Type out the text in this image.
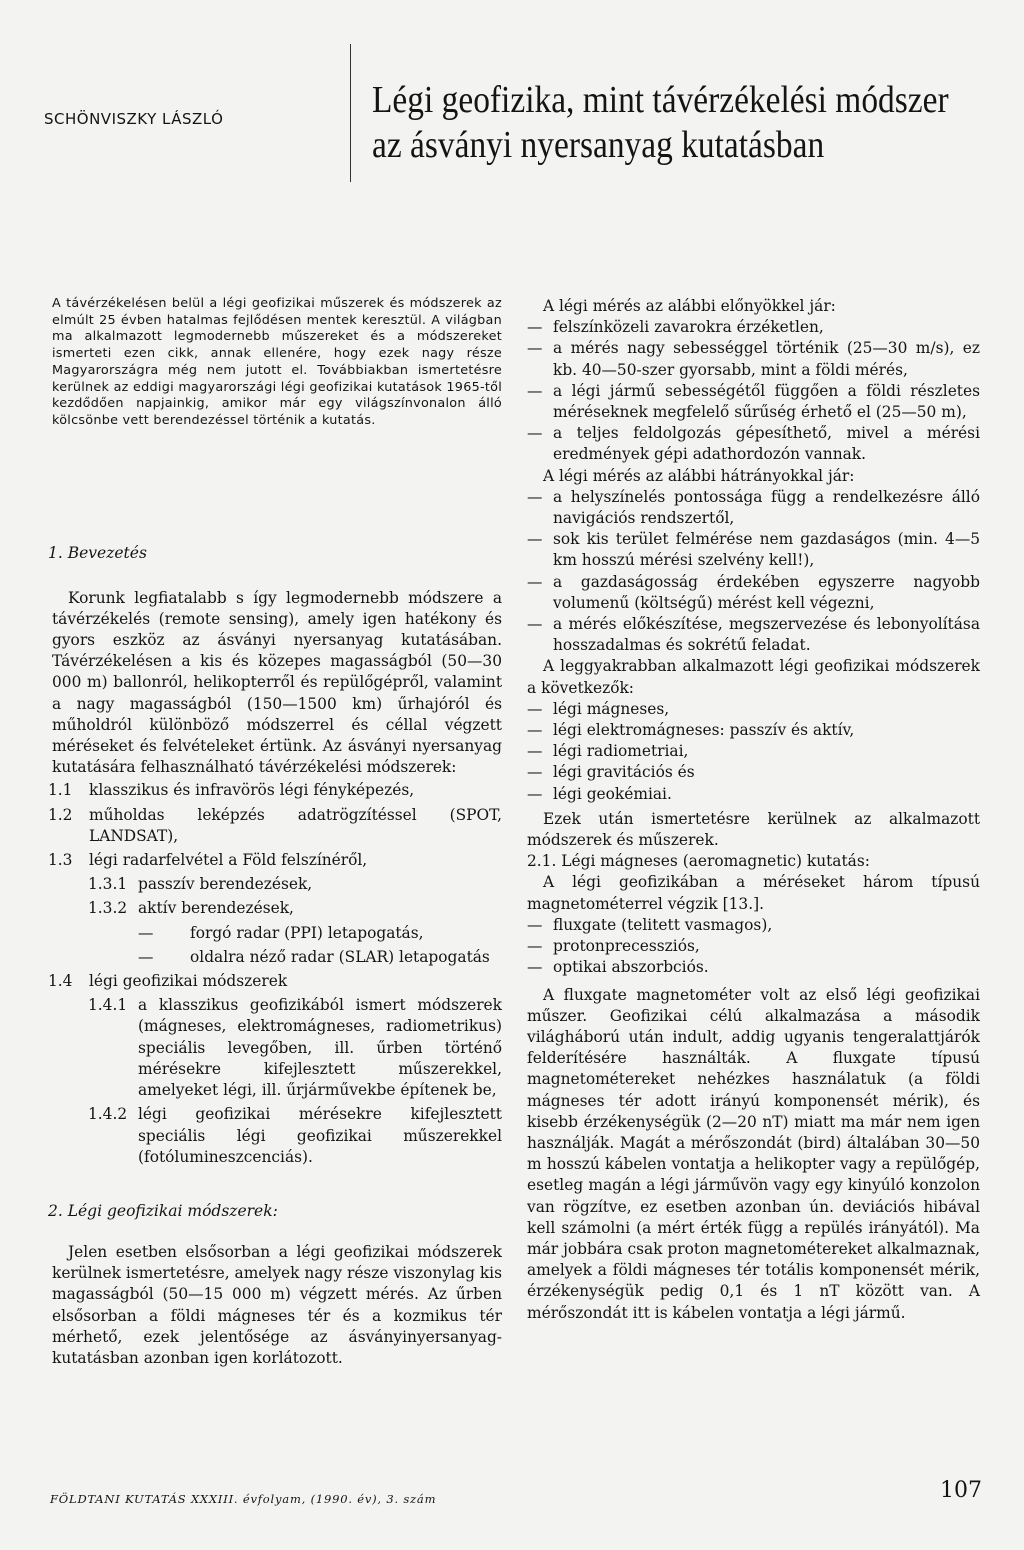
SCHÖNVISZKY LÁSZLÓ	Légi geofizika, mint távérzékelési módszer
az ásványi nyersanyag kutatásban

A távérzékelésen belül a légi geofizikai műszerek és módszerek az elmúlt 25 évben hatalmas fejlődésen mentek keresztül. A világban ma alkalmazott legmodernebb műszereket és a módszereket ismerteti ezen cikk, annak ellenére, hogy ezek nagy része Magyarországra még nem jutott el. Továbbiakban ismertetésre kerülnek az eddigi magyarországi légi geofizikai kutatások 1965-től kezdődően napjainkig, amikor már egy világszínvonalon álló kölcsönbe vett berendezéssel történik a kutatás.

1. Bevezetés

Korunk legfiatalabb s így legmodernebb módszere a távérzékelés (remote sensing), amely igen hatékony és gyors eszköz az ásványi nyersanyag kutatásában. Távérzékelésen a kis és közepes magasságból (50—30 000 m) ballonról, helikopterről és repülőgépről, valamint a nagy magasságból (150—1500 km) űrhajóról és műholdról különböző módszerrel és céllal végzett méréseket és felvételeket értünk. Az ásványi nyersanyag kutatására felhasználható távérzékelési módszerek:

1.1 klasszikus és infravörös légi fényképezés,
1.2 műholdas leképzés adatrögzítéssel (SPOT, LANDSAT),
1.3 légi radarfelvétel a Föld felszínéről,
1.3.1 passzív berendezések,
1.3.2 aktív berendezések,
— forgó radar (PPI) letapogatás,
— oldalra néző radar (SLAR) letapogatás
1.4 légi geofizikai módszerek
1.4.1 a klasszikus geofizikából ismert módszerek (mágneses, elektromágneses, radiometrikus) speciális levegőben, ill. űrben történő mérésekre kifejlesztett műszerekkel, amelyeket légi, ill. űrjárművekbe építenek be,
1.4.2 légi geofizikai mérésekre kifejlesztett speciális légi geofizikai műszerekkel (fotólumineszcenciás).
2. Légi geofizikai módszerek:

Jelen esetben elsősorban a légi geofizikai módszerek kerülnek ismertetésre, amelyek nagy része viszonylag kis magasságból (50—15 000 m) végzett mérés. Az űrben elsősorban a földi mágneses tér és a kozmikus tér mérhető, ezek jelentősége az ásványinyersanyag-kutatásban azonban igen korlátozott.

A légi mérés az alábbi előnyökkel jár:

— felszínközeli zavarokra érzéketlen,
— a mérés nagy sebességgel történik (25—30 m/s), ez kb. 40—50-szer gyorsabb, mint a földi mérés,
— a légi jármű sebességétől függően a földi részletes méréseknek megfelelő sűrűség érhető el (25—50 m),
— a teljes feldolgozás gépesíthető, mivel a mérési eredmények gépi adathordozón vannak.

A légi mérés az alábbi hátrányokkal jár:

— a helyszínelés pontossága függ a rendelkezésre álló navigációs rendszertől,
— sok kis terület felmérése nem gazdaságos (min. 4—5 km hosszú mérési szelvény kell!),
— a gazdaságosság érdekében egyszerre nagyobb volumenű (költségű) mérést kell végezni,
— a mérés előkészítése, megszervezése és lebonyolítása hosszadalmas és sokrétű feladat.

A leggyakrabban alkalmazott légi geofizikai módszerek a következők:

— légi mágneses,
— légi elektromágneses: passzív és aktív,
— légi radiometriai,
— légi gravitációs és
— légi geokémiai.

Ezek után ismertetésre kerülnek az alkalmazott módszerek és műszerek.

2.1. Légi mágneses (aeromagnetic) kutatás:

A légi geofizikában a méréseket három típusú magnetométerrel végzik [13.].

— fluxgate (telitett vasmagos),
— protonprecessziós,
— optikai abszorbciós.

A fluxgate magnetométer volt az első légi geofizikai műszer. Geofizikai célú alkalmazása a második világháború után indult, addig ugyanis tengeralattjárók felderítésére használták. A fluxgate típusú magnetométereket nehézkes használatuk (a földi mágneses tér adott irányú komponensét mérik), és kisebb érzékenységük (2—20 nT) miatt ma már nem igen használják. Magát a mérőszondát (bird) általában 30—50 m hosszú kábelen vontatja a helikopter vagy a repülőgép, esetleg magán a légi járművön vagy egy kinyúló konzolon van rögzítve, ez esetben azonban ún. deviációs hibával kell számolni (a mért érték függ a repülés irányától). Ma már jobbára csak proton magnetométereket alkalmaznak, amelyek a földi mágneses tér totális komponensét mérik, érzékenységük pedig 0,1 és 1 nT között van. A mérőszondát itt is kábelen vontatja a légi jármű.

FÖLDTANI KUTATÁS XXXIII. évfolyam, (1990. év), 3. szám	107
